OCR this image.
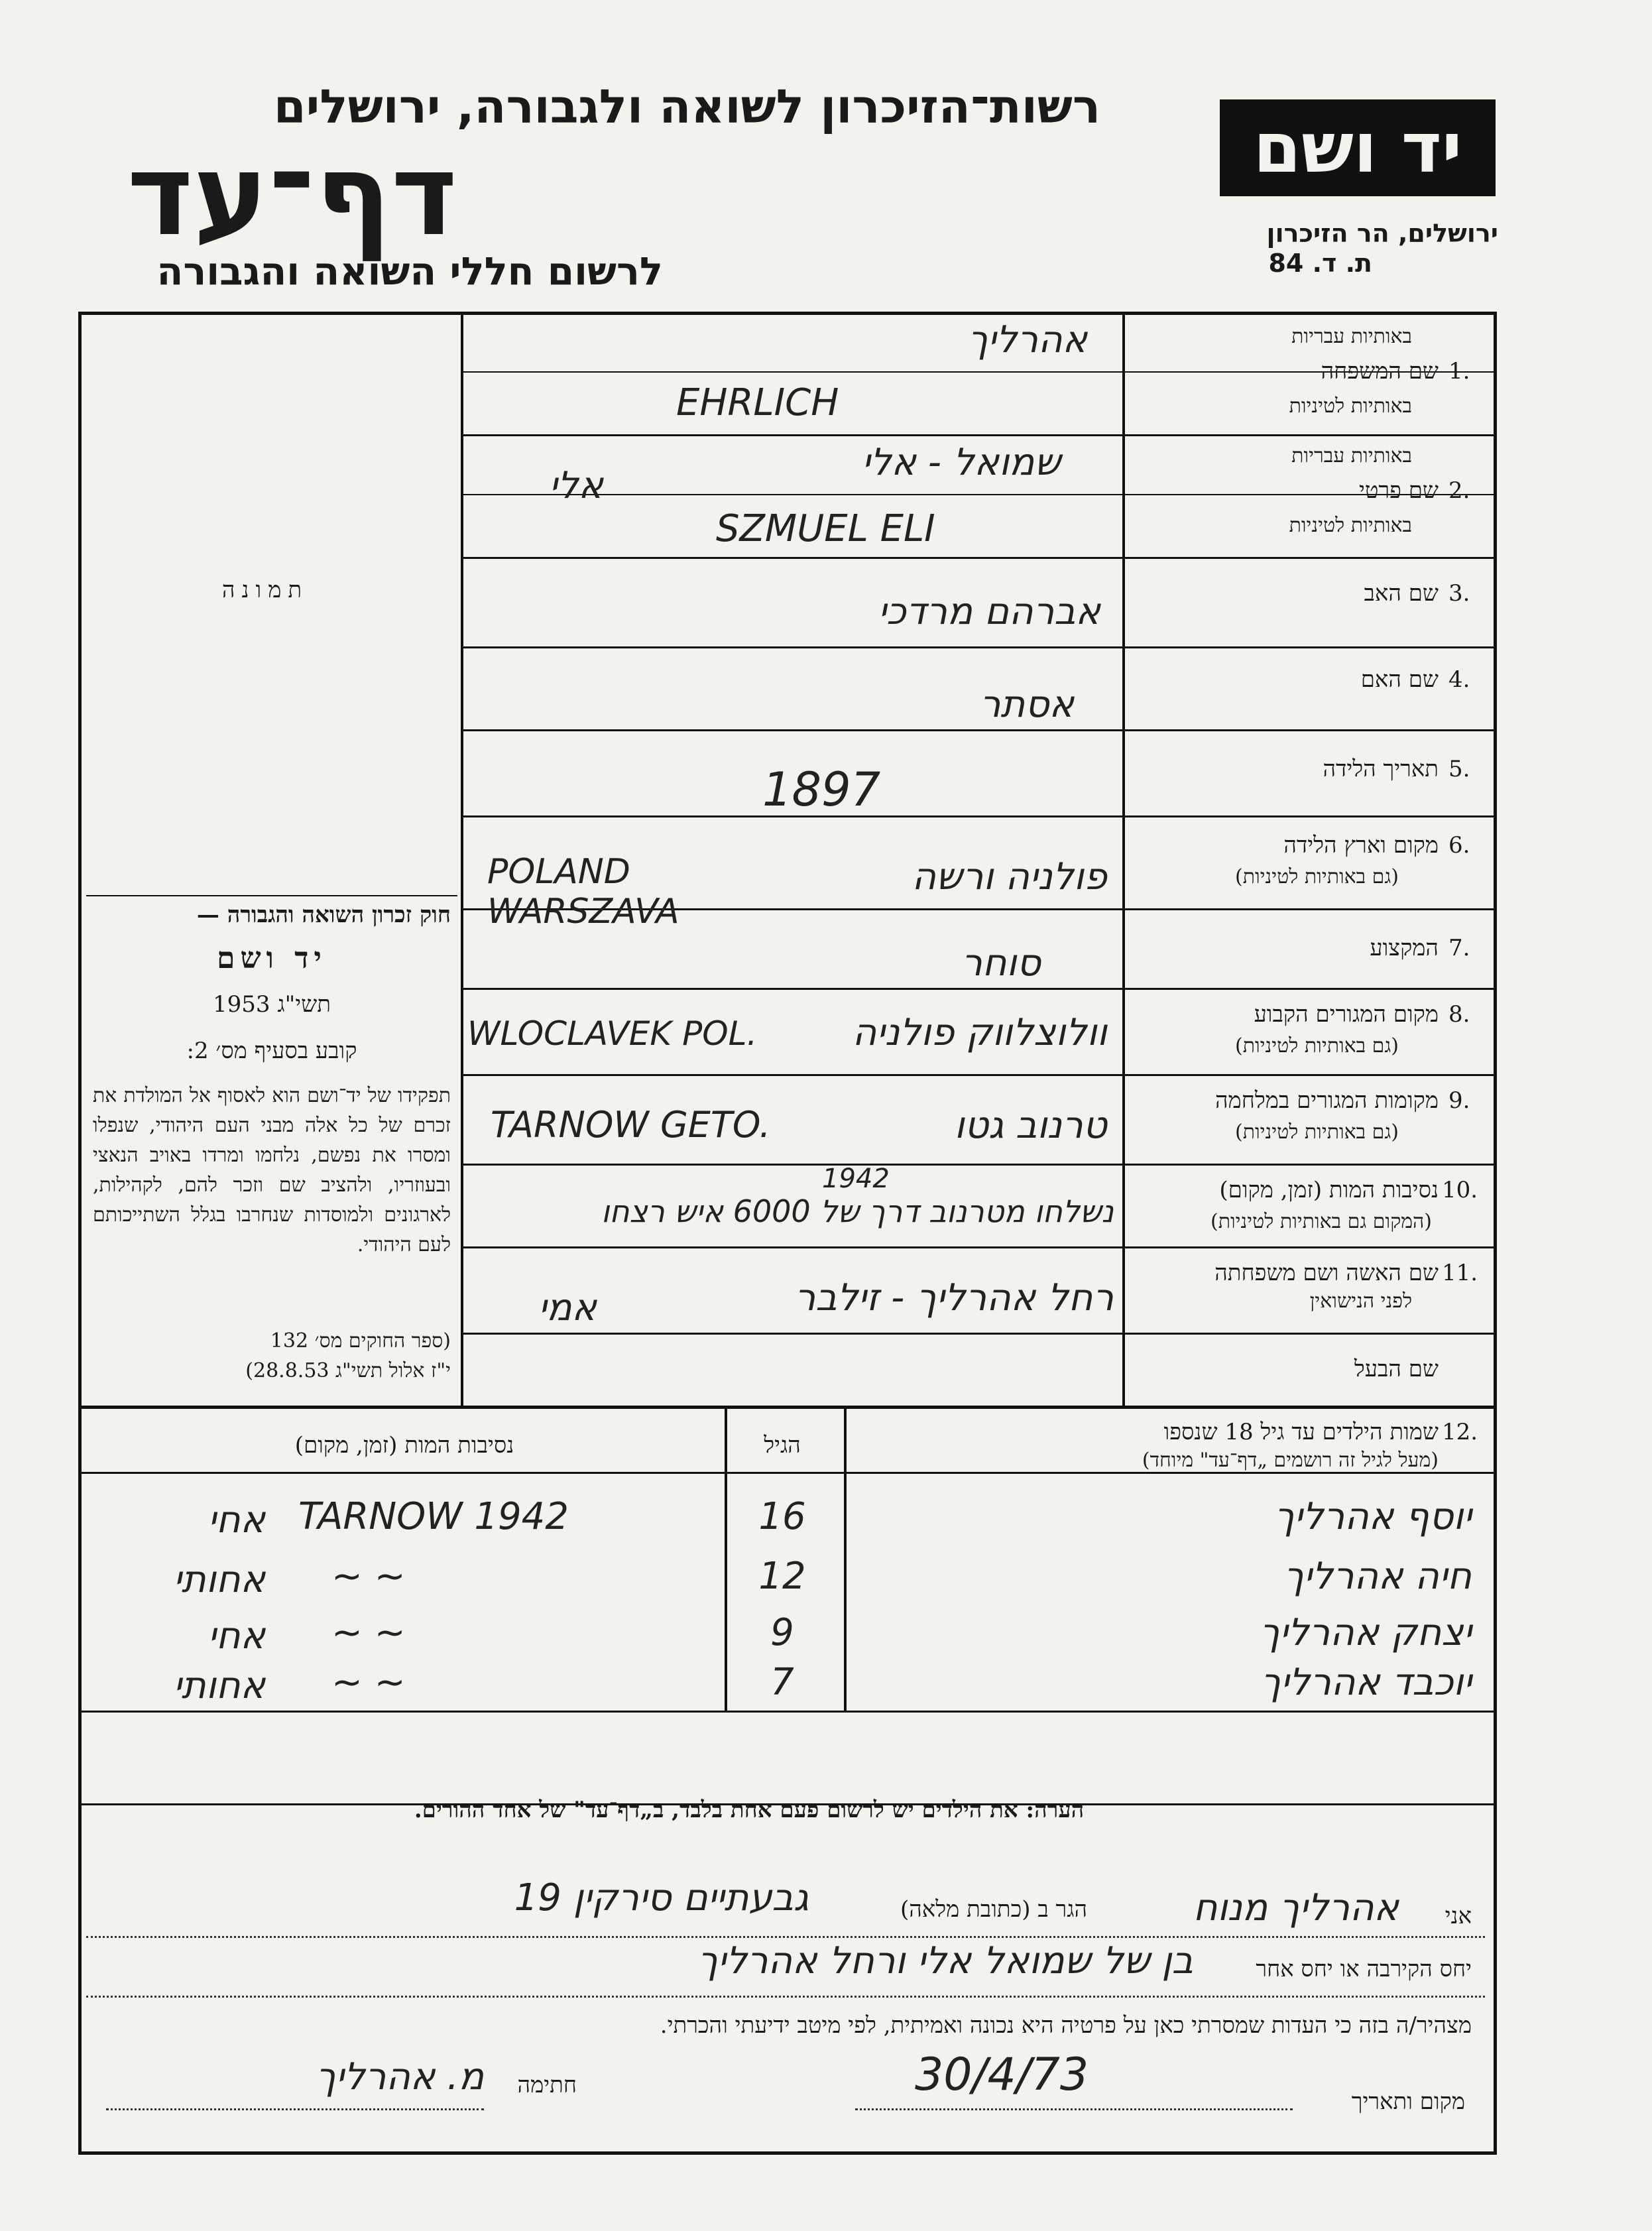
יד ושם
ירושלים, הר הזיכרון
ת. ד. 84
רשות־הזיכרון לשואה ולגבורה, ירושלים
דף־עד
לרשום חללי השואה והגבורה
תמונה
חוק זכרון השואה והגבורה —
יד ושם
תשי"ג 1953
קובע בסעיף מס׳ 2:
תפקידו של יד־ושם הוא לאסוף אל המולדת את זכרם של כל אלה מבני העם היהודי, שנפלו ומסרו את נפשם, נלחמו ומרדו באויב הנאצי ובעוזריו, ולהציב שם וזכר להם, לקהילות, לארגונים ולמוסדות שנחרבו בגלל השתייכותם לעם היהודי.
(ספר החוקים מס׳ 132
י"ז אלול תשי"ג 28.8.53)
באותיות עבריות
שם המשפחה 1.
באותיות לטיניות
אהרליך
EHRLICH
באותיות עבריות
שם פרטי 2.
באותיות לטיניות
שמואל - אלי
אלי
SZMUEL ELI
שם האב 3.
אברהם מרדכי
שם האם 4.
אסתר
תאריך הלידה 5.
1897
מקום וארץ הלידה 6.
(גם באותיות לטיניות)
POLAND WARSZAVA
פולניה ורשה
המקצוע 7.
סוחר
מקום המגורים הקבוע 8.
(גם באותיות לטיניות)
WLOCLAVEK POL.	וולוצלווק פולניה
מקומות המגורים במלחמה 9.
(גם באותיות לטיניות)
TARNOW GETO.	טרנוב גטו
נסיבות המות (זמן, מקום) 10.
(המקום גם באותיות לטיניות)
1942
נשלחו מטרנוב דרך של 6000 איש רצחו
שם האשה ושם משפחתה 11.
לפני הנישואין
רחל אהרליך - זילבר
אמי
שם הבעל
שמות הילדים עד גיל 18 שנספו 12.
(מעל לגיל זה רושמים „דף־עד" מיוחד)
הגיל
נסיבות המות (זמן, מקום)
יוסף אהרליך
16
TARNOW 1942
אחי
חיה אהרליך
12
~ ~
אחותי
יצחק אהרליך
9
~ ~
אחי
יוכבד אהרליך
7
~ ~
אחותי
הערה: את הילדים יש לרשום פעם אחת בלבד, ב„דף־עד" של אחד ההורים.
אני
אהרליך מנוח
הגר ב (כתובת מלאה)
גבעתיים סירקין 19
יחס הקירבה או יחס אחר
בן של שמואל אלי ורחל אהרליך
מצהיר/ה בזה כי העדות שמסרתי כאן על פרטיה היא נכונה ואמיתית, לפי מיטב ידיעתי והכרתי.
מקום ותאריך
30/4/73
חתימה
מ. אהרליך
